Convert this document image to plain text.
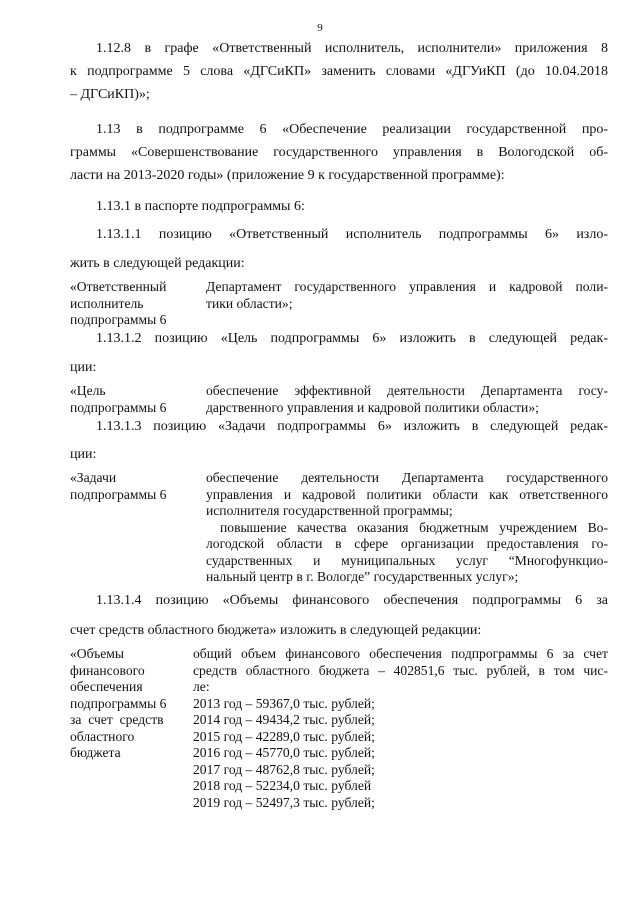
9
1.12.8 в графе «Ответственный исполнитель, исполнители» приложения 8
к подпрограмме 5 слова «ДГСиКП» заменить словами «ДГУиКП (до 10.04.2018
– ДГСиКП)»;
1.13 в подпрограмме 6 «Обеспечение реализации государственной про-
граммы «Совершенствование государственного управления в Вологодской об-
ласти на 2013-2020 годы» (приложение 9 к государственной программе):
1.13.1 в паспорте подпрограммы 6:
1.13.1.1 позицию «Ответственный исполнитель подпрограммы 6» изло-
жить в следующей редакции:
«Ответственный
исполнитель
подпрограммы 6
Департамент государственного управления и кадровой поли-
тики области»;
1.13.1.2 позицию «Цель подпрограммы 6» изложить в следующей редак-
ции:
«Цель
подпрограммы 6
обеспечение эффективной деятельности Департамента госу-
дарственного управления и кадровой политики области»;
1.13.1.3 позицию «Задачи подпрограммы 6» изложить в следующей редак-
ции:
«Задачи
подпрограммы 6
обеспечение деятельности Департамента государственного
управления и кадровой политики области как ответственного
исполнителя государственной программы;
повышение качества оказания бюджетным учреждением Во-
логодской области в сфере организации предоставления го-
сударственных и муниципальных услуг “Многофункцио-
нальный центр в г. Вологде” государственных услуг»;
1.13.1.4 позицию «Объемы финансового обеспечения подпрограммы 6 за
счет средств областного бюджета» изложить в следующей редакции:
«Объемы
финансового
обеспечения
подпрограммы 6
за  счет  средств
областного
бюджета
общий объем финансового обеспечения подпрограммы 6 за счет
средств областного бюджета – 402851,6 тыс. рублей, в том чис-
ле:
2013 год – 59367,0 тыс. рублей;
2014 год – 49434,2 тыс. рублей;
2015 год – 42289,0 тыс. рублей;
2016 год – 45770,0 тыс. рублей;
2017 год – 48762,8 тыс. рублей;
2018 год – 52234,0 тыс. рублей
2019 год – 52497,3 тыс. рублей;
